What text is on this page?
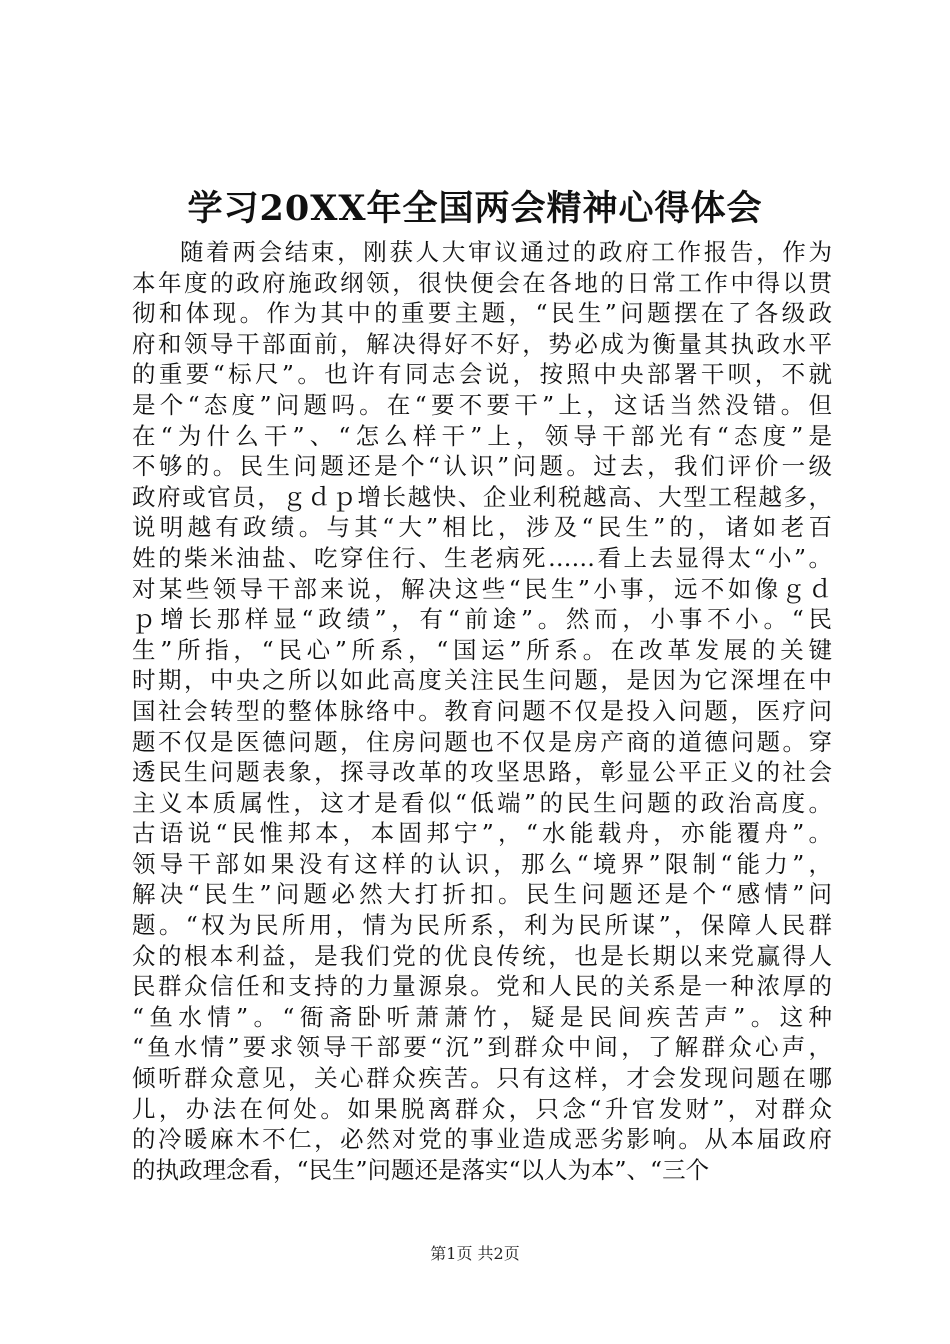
学习20XX年全国两会精神心得体会
随着两会结束，刚获人大审议通过的政府工作报告，作为
本年度的政府施政纲领，很快便会在各地的日常工作中得以贯
彻和体现。作为其中的重要主题，“民生”问题摆在了各级政
府和领导干部面前，解决得好不好，势必成为衡量其执政水平
的重要“标尺”。也许有同志会说，按照中央部署干呗，不就
是个“态度”问题吗。在“要不要干”上，这话当然没错。但
在“为什么干”、“怎么样干”上，领导干部光有“态度”是
不够的。民生问题还是个“认识”问题。过去，我们评价一级
政府或官员，ｇｄｐ增长越快、企业利税越高、大型工程越多，
说明越有政绩。与其“大”相比，涉及“民生”的，诸如老百
姓的柴米油盐、吃穿住行、生老病死……看上去显得太“小”。
对某些领导干部来说，解决这些“民生”小事，远不如像ｇｄ
ｐ增长那样显“政绩”，有“前途”。然而，小事不小。“民
生”所指，“民心”所系，“国运”所系。在改革发展的关键
时期，中央之所以如此高度关注民生问题，是因为它深埋在中
国社会转型的整体脉络中。教育问题不仅是投入问题，医疗问
题不仅是医德问题，住房问题也不仅是房产商的道德问题。穿
透民生问题表象，探寻改革的攻坚思路，彰显公平正义的社会
主义本质属性，这才是看似“低端”的民生问题的政治高度。
古语说“民惟邦本，本固邦宁”，“水能载舟，亦能覆舟”。
领导干部如果没有这样的认识，那么“境界”限制“能力”，
解决“民生”问题必然大打折扣。民生问题还是个“感情”问
题。“权为民所用，情为民所系，利为民所谋”，保障人民群
众的根本利益，是我们党的优良传统，也是长期以来党赢得人
民群众信任和支持的力量源泉。党和人民的关系是一种浓厚的
“鱼水情”。“衙斋卧听萧萧竹，疑是民间疾苦声”。这种
“鱼水情”要求领导干部要“沉”到群众中间，了解群众心声，
倾听群众意见，关心群众疾苦。只有这样，才会发现问题在哪
儿，办法在何处。如果脱离群众，只念“升官发财”，对群众
的冷暖麻木不仁，必然对党的事业造成恶劣影响。从本届政府
的执政理念看，“民生”问题还是落实“以人为本”、“三个
第1页 共2页
